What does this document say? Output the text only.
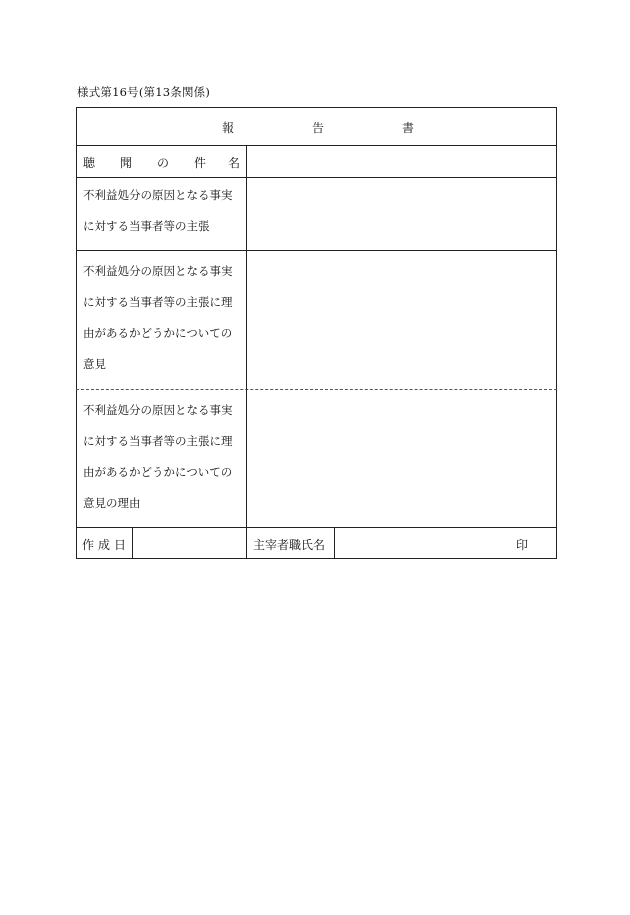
様式第16号(第13条関係)
報	告	書
聴 聞 の 件 名
不利益処分の原因となる事実
に対する当事者等の主張
不利益処分の原因となる事実
に対する当事者等の主張に理
由があるかどうかについての
意見
不利益処分の原因となる事実
に対する当事者等の主張に理
由があるかどうかについての
意見の理由
作 成 日	主宰者職氏名	印
